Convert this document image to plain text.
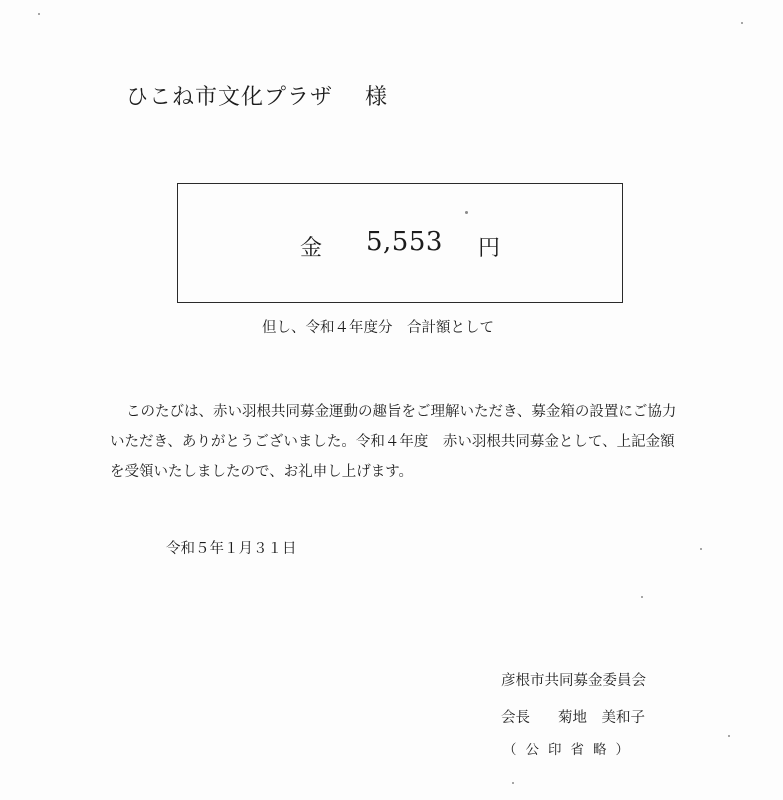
ひこね市文化プラザ 様
金 5,553 円
但し、令和４年度分　合計額として
このたびは、赤い羽根共同募金運動の趣旨をご理解いただき、募金箱の設置にご協力
いただき、ありがとうございました。令和４年度　赤い羽根共同募金として、上記金額
を受領いたしましたので、お礼申し上げます。
令和５年１月３１日
彦根市共同募金委員会
会長 菊地　美和子
（公印省略）
